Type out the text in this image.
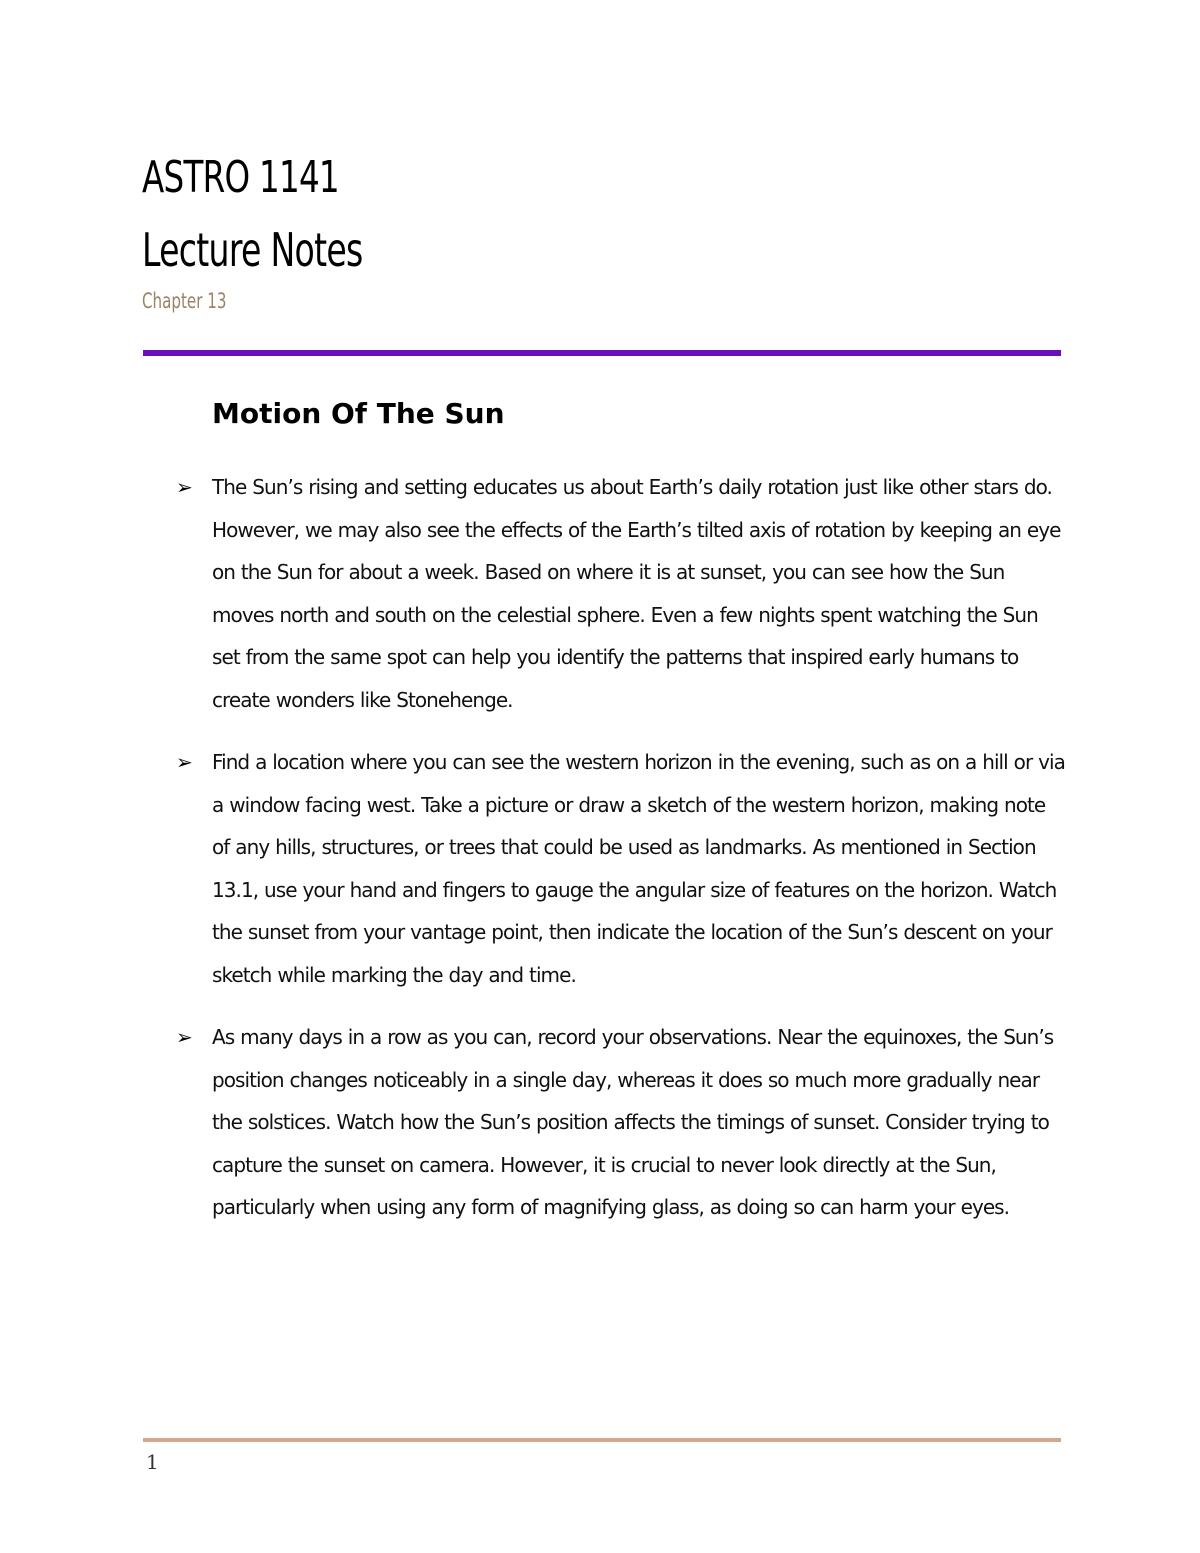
ASTRO 1141
Lecture Notes
Chapter 13
Motion Of The Sun
➢ The Sun’s rising and setting educates us about Earth’s daily rotation just like other stars do. However, we may also see the effects of the Earth’s tilted axis of rotation by keeping an eye on the Sun for about a week. Based on where it is at sunset, you can see how the Sun moves north and south on the celestial sphere. Even a few nights spent watching the Sun set from the same spot can help you identify the patterns that inspired early humans to create wonders like Stonehenge.
➢ Find a location where you can see the western horizon in the evening, such as on a hill or via a window facing west. Take a picture or draw a sketch of the western horizon, making note of any hills, structures, or trees that could be used as landmarks. As mentioned in Section 13.1, use your hand and fingers to gauge the angular size of features on the horizon. Watch the sunset from your vantage point, then indicate the location of the Sun’s descent on your sketch while marking the day and time.
➢ As many days in a row as you can, record your observations. Near the equinoxes, the Sun’s position changes noticeably in a single day, whereas it does so much more gradually near the solstices. Watch how the Sun’s position affects the timings of sunset. Consider trying to capture the sunset on camera. However, it is crucial to never look directly at the Sun, particularly when using any form of magnifying glass, as doing so can harm your eyes.
1
